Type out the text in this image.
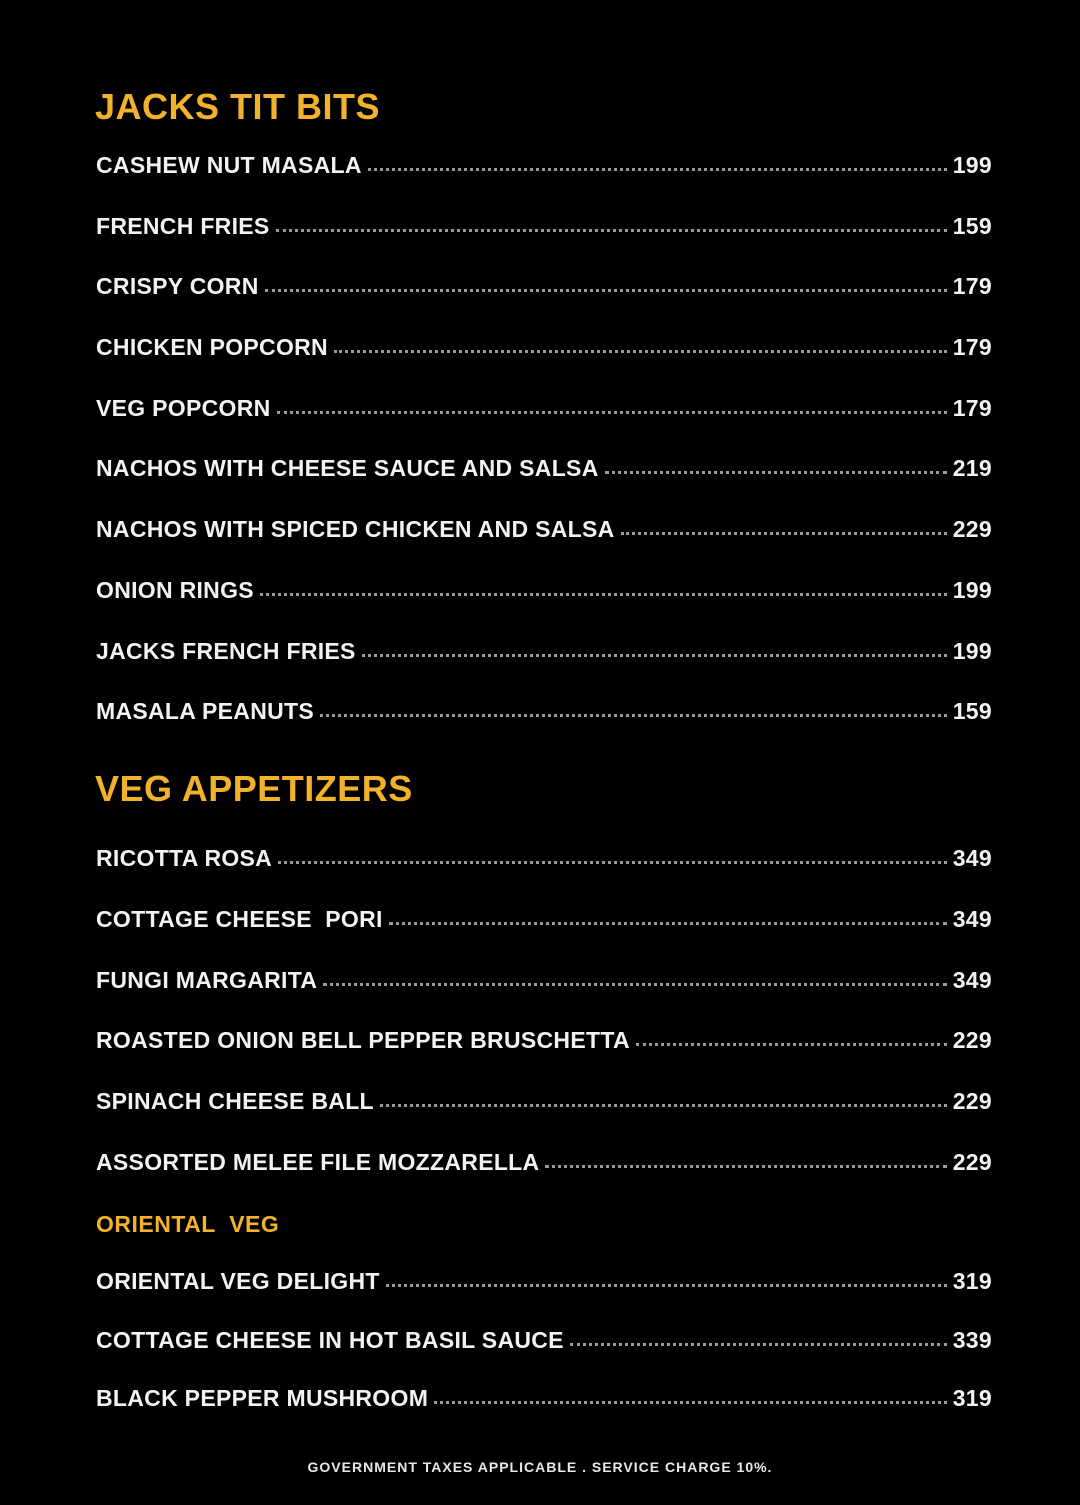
JACKS TIT BITS
CASHEW NUT MASALA	199
FRENCH FRIES	159
CRISPY CORN	179
CHICKEN POPCORN	179
VEG POPCORN	179
NACHOS WITH CHEESE SAUCE AND SALSA	219
NACHOS WITH SPICED CHICKEN AND SALSA	229
ONION RINGS	199
JACKS FRENCH FRIES	199
MASALA PEANUTS	159
VEG APPETIZERS
RICOTTA ROSA	349
COTTAGE CHEESE  PORI	349
FUNGI MARGARITA	349
ROASTED ONION BELL PEPPER BRUSCHETTA	229
SPINACH CHEESE BALL	229
ASSORTED MELEE FILE MOZZARELLA	229
ORIENTAL  VEG
ORIENTAL VEG DELIGHT	319
COTTAGE CHEESE IN HOT BASIL SAUCE	339
BLACK PEPPER MUSHROOM	319
GOVERNMENT TAXES APPLICABLE . SERVICE CHARGE 10%.
